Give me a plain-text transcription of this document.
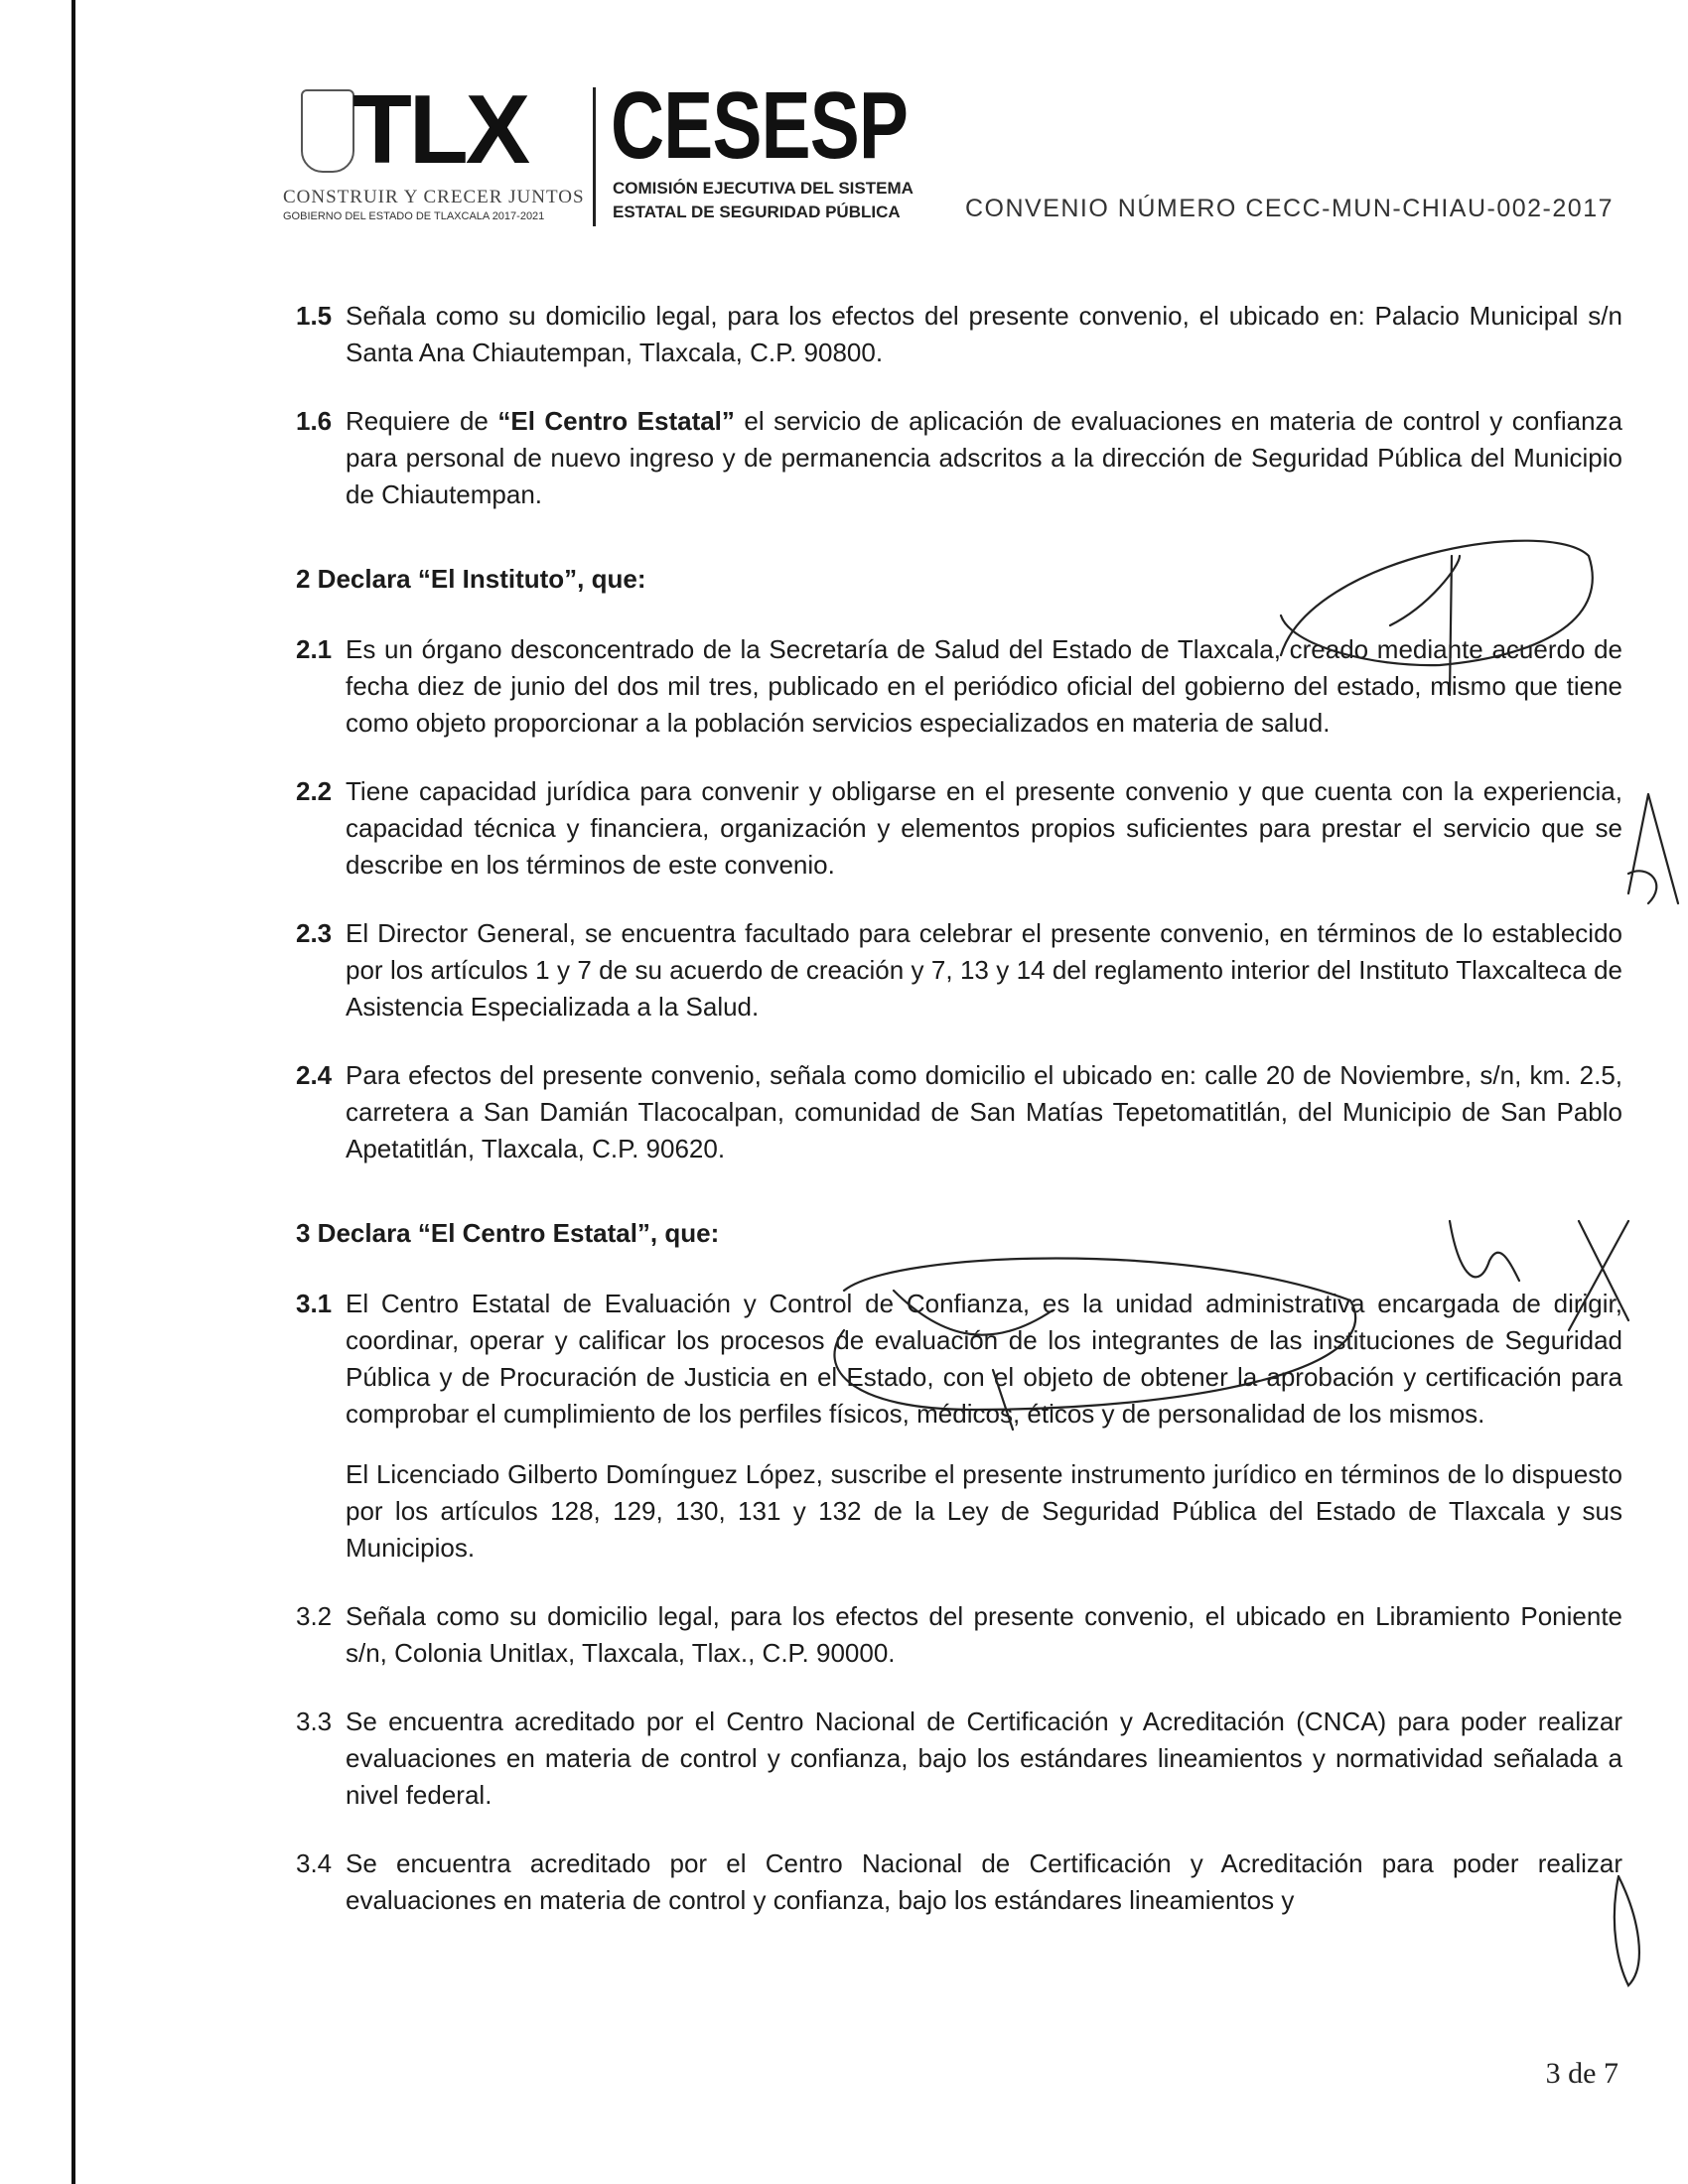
TLX CESESP
CONSTRUIR Y CRECER JUNTOS
GOBIERNO DEL ESTADO DE TLAXCALA 2017-2021
COMISIÓN EJECUTIVA DEL SISTEMA
ESTATAL DE SEGURIDAD PÚBLICA	CONVENIO NÚMERO CECC-MUN-CHIAU-002-2017
1.5 Señala como su domicilio legal, para los efectos del presente convenio, el ubicado en: Palacio Municipal s/n Santa Ana Chiautempan, Tlaxcala, C.P. 90800.
1.6 Requiere de “El Centro Estatal” el servicio de aplicación de evaluaciones en materia de control y confianza para personal de nuevo ingreso y de permanencia adscritos a la dirección de Seguridad Pública del Municipio de Chiautempan.
2 Declara “El Instituto”, que:
2.1 Es un órgano desconcentrado de la Secretaría de Salud del Estado de Tlaxcala, creado mediante acuerdo de fecha diez de junio del dos mil tres, publicado en el periódico oficial del gobierno del estado, mismo que tiene como objeto proporcionar a la población servicios especializados en materia de salud.
2.2 Tiene capacidad jurídica para convenir y obligarse en el presente convenio y que cuenta con la experiencia, capacidad técnica y financiera, organización y elementos propios suficientes para prestar el servicio que se describe en los términos de este convenio.
2.3 El Director General, se encuentra facultado para celebrar el presente convenio, en términos de lo establecido por los artículos 1 y 7 de su acuerdo de creación y 7, 13 y 14 del reglamento interior del Instituto Tlaxcalteca de Asistencia Especializada a la Salud.
2.4 Para efectos del presente convenio, señala como domicilio el ubicado en: calle 20 de Noviembre, s/n, km. 2.5, carretera a San Damián Tlacocalpan, comunidad de San Matías Tepetomatitlán, del Municipio de San Pablo Apetatitlán, Tlaxcala, C.P. 90620.
3 Declara “El Centro Estatal”, que:
3.1 El Centro Estatal de Evaluación y Control de Confianza, es la unidad administrativa encargada de dirigir, coordinar, operar y calificar los procesos de evaluación de los integrantes de las instituciones de Seguridad Pública y de Procuración de Justicia en el Estado, con el objeto de obtener la aprobación y certificación para comprobar el cumplimiento de los perfiles físicos, médicos, éticos y de personalidad de los mismos.
El Licenciado Gilberto Domínguez López, suscribe el presente instrumento jurídico en términos de lo dispuesto por los artículos 128, 129, 130, 131 y 132 de la Ley de Seguridad Pública del Estado de Tlaxcala y sus Municipios.
3.2 Señala como su domicilio legal, para los efectos del presente convenio, el ubicado en Libramiento Poniente s/n, Colonia Unitlax, Tlaxcala, Tlax., C.P. 90000.
3.3 Se encuentra acreditado por el Centro Nacional de Certificación y Acreditación (CNCA) para poder realizar evaluaciones en materia de control y confianza, bajo los estándares lineamientos y normatividad señalada a nivel federal.
3.4 Se encuentra acreditado por el Centro Nacional de Certificación y Acreditación para poder realizar evaluaciones en materia de control y confianza, bajo los estándares lineamientos y
3 de 7
